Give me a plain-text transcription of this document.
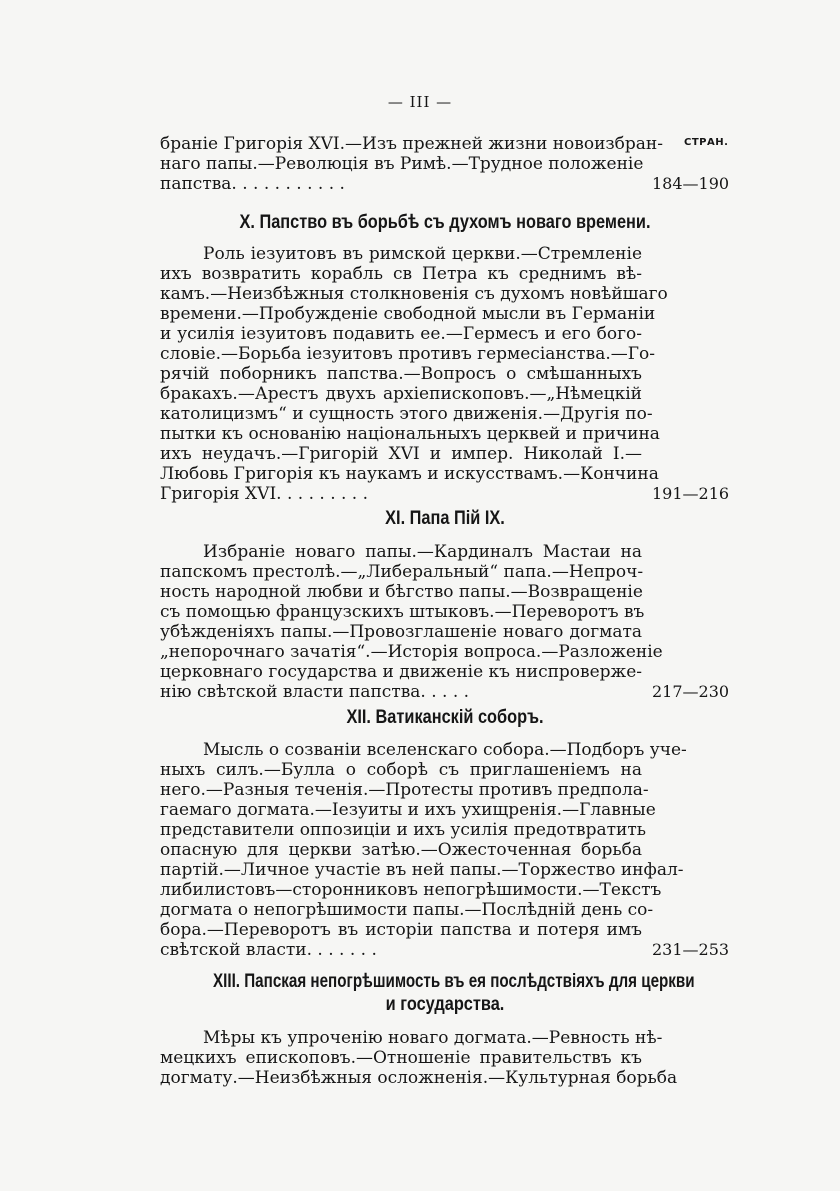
— III —
СТРАН.
браніе Григорія XVI.—Изъ прежней жизни новоизбран-
наго папы.—Революція въ Римѣ.—Трудное положеніе
папства. . . . . . . . . . .	184—190
X. Папство въ борьбѣ съ духомъ новаго времени.
Роль іезуитовъ въ римской церкви.—Стремленіе
ихъ возвратить корабль св Петра къ среднимъ вѣ-
камъ.—Неизбѣжныя столкновенія съ духомъ новѣйшаго
времени.—Пробужденіе свободной мысли въ Германіи
и усилія іезуитовъ подавить ее.—Гермесъ и его бого-
словіе.—Борьба іезуитовъ противъ гермесіанства.—Го-
рячій поборникъ папства.—Вопросъ о смѣшанныхъ
бракахъ.—Арестъ двухъ архіепископовъ.—„Нѣмецкій
католицизмъ“ и сущность этого движенія.—Другія по-
пытки къ основанію національныхъ церквей и причина
ихъ неудачъ.—Григорій XVI и импер. Николай I.—
Любовь Григорія къ наукамъ и искусствамъ.—Кончина
Григорія XVI. . . . . . . . .	191—216
XI. Папа Пій IX.
Избраніе новаго папы.—Кардиналъ Мастаи на
папскомъ престолѣ.—„Либеральный“ папа.—Непроч-
ность народной любви и бѣгство папы.—Возвращеніе
съ помощью французскихъ штыковъ.—Переворотъ въ
убѣжденіяхъ папы.—Провозглашеніе новаго догмата
„непорочнаго зачатія“.—Исторія вопроса.—Разложеніе
церковнаго государства и движеніе къ ниспроверже-
нію свѣтской власти папства. . . . .	217—230
XII. Ватиканскій соборъ.
Мысль о созваніи вселенскаго собора.—Подборъ уче-
ныхъ силъ.—Булла о соборѣ съ приглашеніемъ на
него.—Разныя теченія.—Протесты противъ предпола-
гаемаго догмата.—Іезуиты и ихъ ухищренія.—Главные
представители оппозиціи и ихъ усилія предотвратить
опасную для церкви затѣю.—Ожесточенная борьба
партій.—Личное участіе въ ней папы.—Торжество инфал-
либилистовъ—сторонниковъ непогрѣшимости.—Текстъ
догмата о непогрѣшимости папы.—Послѣдній день со-
бора.—Переворотъ въ исторіи папства и потеря имъ
свѣтской власти. . . . . . .	231—253
XIII. Папская непогрѣшимость въ ея послѣдствіяхъ для церкви
и государства.
Мѣры къ упроченію новаго догмата.—Ревность нѣ-
мецкихъ епископовъ.—Отношеніе правительствъ къ
догмату.—Неизбѣжныя осложненія.—Культурная борьба
